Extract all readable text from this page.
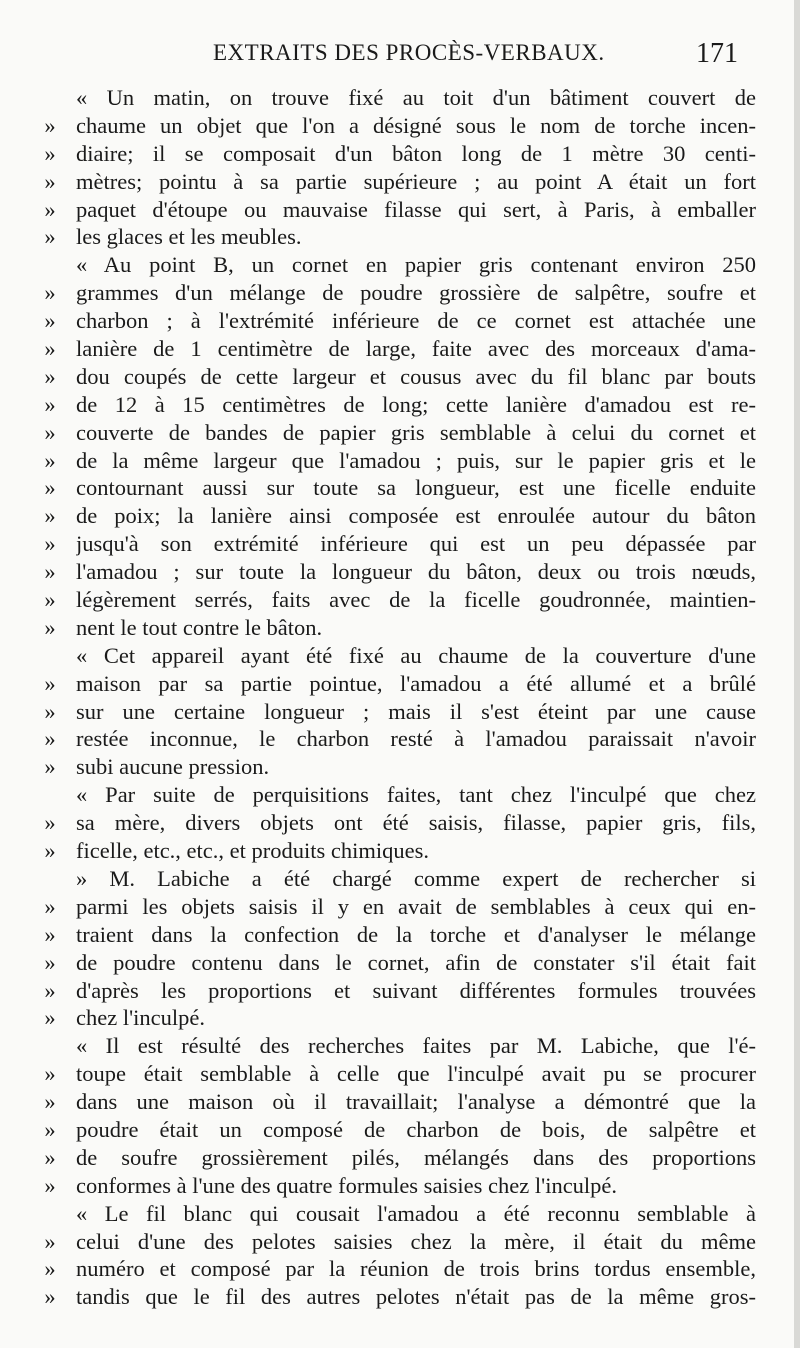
EXTRAITS DES PROCÈS-VERBAUX.	171
« Un matin, on trouve fixé au toit d'un bâtiment couvert de
» chaume un objet que l'on a désigné sous le nom de torche incen-
» diaire; il se composait d'un bâton long de 1 mètre 30 centi-
» mètres; pointu à sa partie supérieure ; au point A était un fort
» paquet d'étoupe ou mauvaise filasse qui sert, à Paris, à emballer
» les glaces et les meubles.
« Au point B, un cornet en papier gris contenant environ 250
» grammes d'un mélange de poudre grossière de salpêtre, soufre et
» charbon ; à l'extrémité inférieure de ce cornet est attachée une
» lanière de 1 centimètre de large, faite avec des morceaux d'ama-
» dou coupés de cette largeur et cousus avec du fil blanc par bouts
» de 12 à 15 centimètres de long; cette lanière d'amadou est re-
» couverte de bandes de papier gris semblable à celui du cornet et
» de la même largeur que l'amadou ; puis, sur le papier gris et le
» contournant aussi sur toute sa longueur, est une ficelle enduite
» de poix; la lanière ainsi composée est enroulée autour du bâton
» jusqu'à son extrémité inférieure qui est un peu dépassée par
» l'amadou ; sur toute la longueur du bâton, deux ou trois nœuds,
» légèrement serrés, faits avec de la ficelle goudronnée, maintien-
» nent le tout contre le bâton.
« Cet appareil ayant été fixé au chaume de la couverture d'une
» maison par sa partie pointue, l'amadou a été allumé et a brûlé
» sur une certaine longueur ; mais il s'est éteint par une cause
» restée inconnue, le charbon resté à l'amadou paraissait n'avoir
» subi aucune pression.
« Par suite de perquisitions faites, tant chez l'inculpé que chez
» sa mère, divers objets ont été saisis, filasse, papier gris, fils,
» ficelle, etc., etc., et produits chimiques.
» M. Labiche a été chargé comme expert de rechercher si
» parmi les objets saisis il y en avait de semblables à ceux qui en-
» traient dans la confection de la torche et d'analyser le mélange
» de poudre contenu dans le cornet, afin de constater s'il était fait
» d'après les proportions et suivant différentes formules trouvées
» chez l'inculpé.
« Il est résulté des recherches faites par M. Labiche, que l'é-
» toupe était semblable à celle que l'inculpé avait pu se procurer
» dans une maison où il travaillait; l'analyse a démontré que la
» poudre était un composé de charbon de bois, de salpêtre et
» de soufre grossièrement pilés, mélangés dans des proportions
» conformes à l'une des quatre formules saisies chez l'inculpé.
« Le fil blanc qui cousait l'amadou a été reconnu semblable à
» celui d'une des pelotes saisies chez la mère, il était du même
» numéro et composé par la réunion de trois brins tordus ensemble,
» tandis que le fil des autres pelotes n'était pas de la même gros-
